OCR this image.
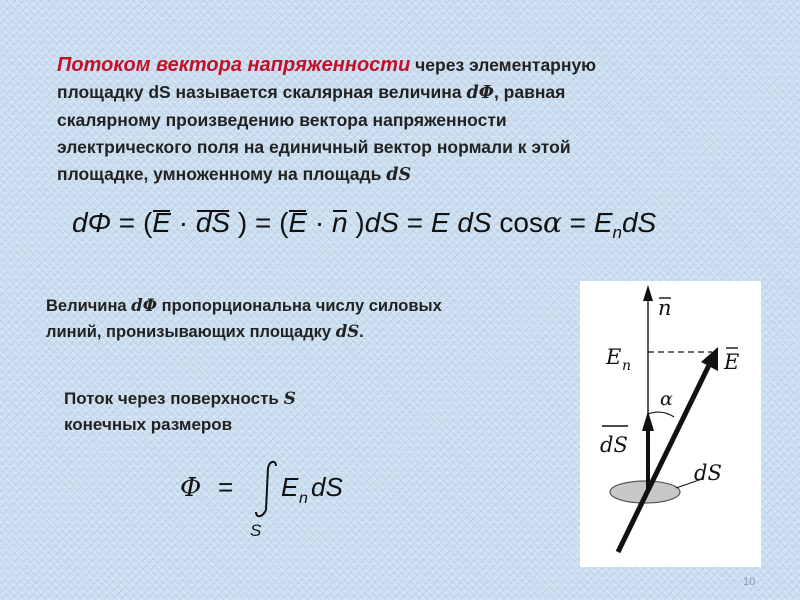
Потоком вектора напряженности через элементарную
площадку dS называется скалярная величина dΦ, равная
скалярному произведению вектора напряженности
электрического поля на единичный вектор нормали к этой
площадке, умноженному на площадь dS
dΦ = (E · dS ) = (E · n )dS = E dS $\cos\alpha = E_ndS$
Величина dΦ пропорциональна числу силовых
линий, пронизывающих площадку dS.
Поток через поверхность S
конечных размеров
Φ = E n dS
S
n
E n	E
dS
α
dS
10
